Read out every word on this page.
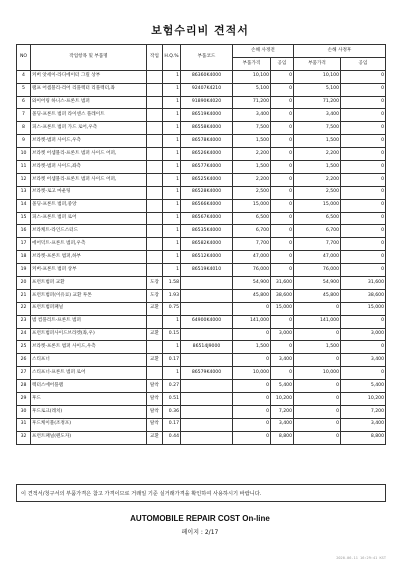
보험수리비 견적서
NO	작업항목 및 부품명	작업	H.Q.%	부품코드	손해 사정전		손해 사정후	
					부품가격	공임	부품가격	공임
4	커버 앗세이-라디에이터 그릴 상부		1	86360K4000	10,100	0	10,100	0
5	램프 어셈블리-리어 리플렉터 리플렉터,좌		1	92407K4210	5,100	0	5,100	0
6	와이어링 하니스-프론트 범퍼		1	91890K4020	71,200	0	71,200	0
7	몰딩-프론트 범퍼 라이센스 플레이트		1	86519K4000	3,400	0	3,400	0
8	피스-프론트 범퍼 가드 로어,우측		1	86558K4000	7,500	0	7,500	0
9	브라켓-범퍼 사이드,우측		1	86578K4000	1,500	0	1,500	0
10	브라켓 어셈블리-프론트 범퍼 사이드 어퍼,		1	86526K4000	2,200	0	2,200	0
11	브라켓-범퍼 사이드,좌측		1	86577K4000	1,500	0	1,500	0
12	브라켓 어셈블리-프론트 범퍼 사이드 어퍼,		1	86525K4000	2,200	0	2,200	0
13	브라켓-로고 마운팅		1	86528K4000	2,500	0	2,500	0
14	몰딩-프론트 범퍼,중앙		1	86566K4000	15,000	0	15,000	0
15	피스-프론트 범퍼 로어		1	86567K4000	6,500	0	6,500	0
16	브라케트-라인드스터드		1	86535K4000	6,700	0	6,700	0
17	에어덕트-프론트 범퍼,우측		1	86582K4000	7,700	0	7,700	0
18	브라켓-프론트 범퍼,하부		1	86512K4000	47,000	0	47,000	0
19	커버-프론트 범퍼 상부		1	86519K4010	76,000	0	76,000	0
20	프런트범퍼 교환	도장	1.58		54,900	31,600	54,900	31,600
21	프런트범퍼(이유료) 교환 투톤	도장	1.93		45,800	38,600	45,800	38,600
22	프런트범퍼패널	교환	0.75		0	15,000	0	15,000
23	범 컴플리트-프론트 범퍼		1	64900K4000	141,000	0	141,000	0
24	프런트범퍼사이드브라켓(좌,우)	교환	0.15		0	3,000	0	3,000
25	브라켓-프론트 범퍼 사이드,우측		1	86514J9000	1,500	0	1,500	0
26	스티프너	교환	0.17		0	3,400	0	3,400
27	스티프너-프론트 범퍼 로어		1	86579K4000	10,000	0	10,000	0
28	렉터스에어플램	탈착	0.27		0	5,400	0	5,400
29	후드	탈착	0.51		0	10,200	0	10,200
30	후드로크(레치)	탈착	0.36		0	7,200	0	7,200
31	후드케이블(조정포)	탈착	0.17		0	3,400	0	3,400
32	프런트패널(펜도자)	교환	0.44		0	8,800	0	8,800
이 견적서/청구서의 부품가격은 참고 가격이므로 거래일 기준 실거래가격을 확인하여 사용하시기 바랍니다.
AUTOMOBILE REPAIR COST On-line
페이지 : 2/17
2020-06-11 16:29:41 KST
